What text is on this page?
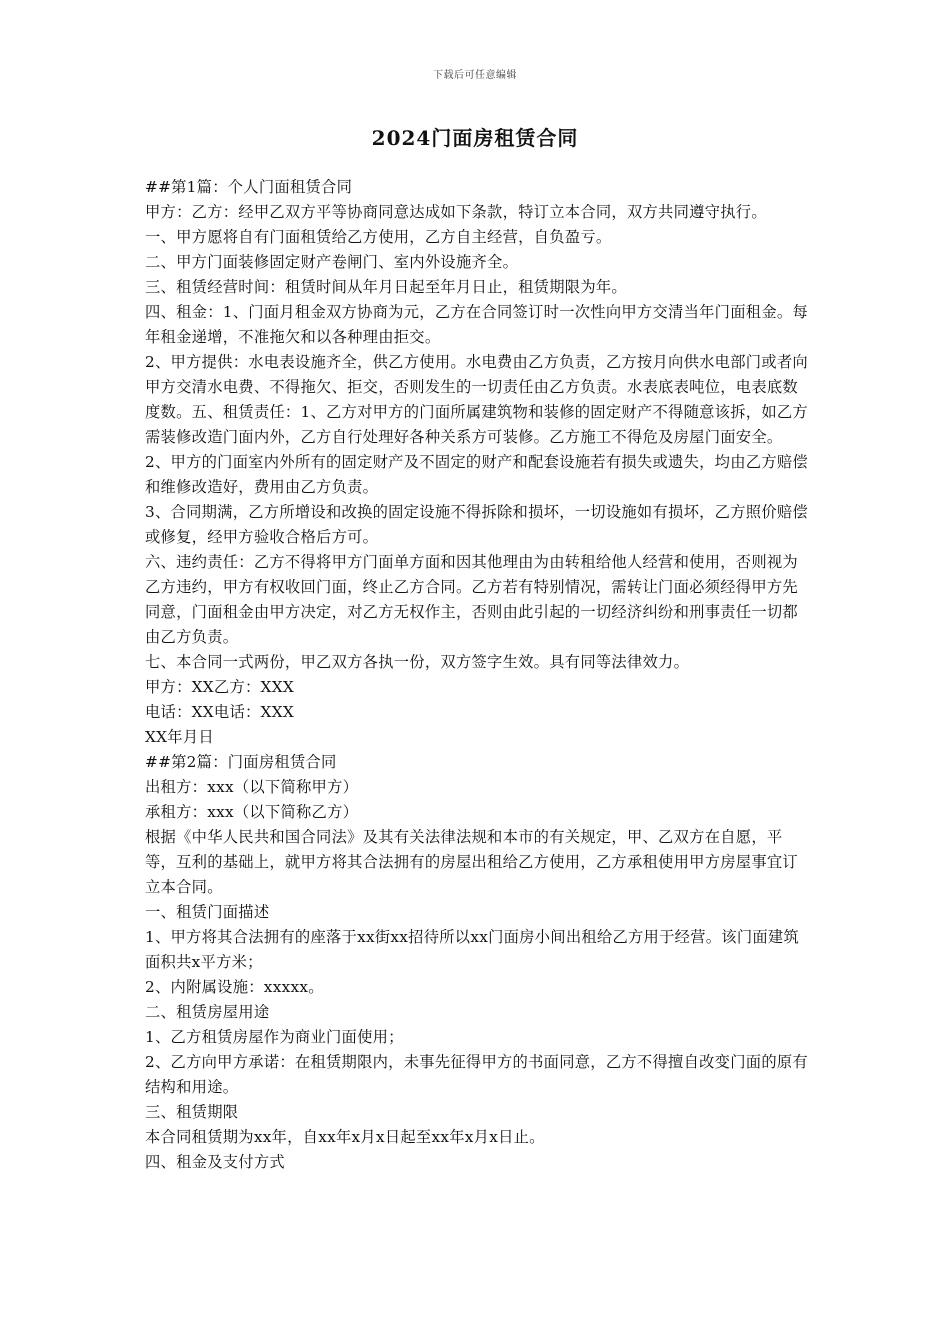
下载后可任意编辑
2024门面房租赁合同

##第1篇：个人门面租赁合同

甲方：乙方：经甲乙双方平等协商同意达成如下条款，特订立本合同，双方共同遵守执行。

一、甲方愿将自有门面租赁给乙方使用，乙方自主经营，自负盈亏。

二、甲方门面装修固定财产卷闸门、室内外设施齐全。

三、租赁经营时间：租赁时间从年月日起至年月日止，租赁期限为年。

四、租金：1、门面月租金双方协商为元，乙方在合同签订时一次性向甲方交清当年门面租金。每年租金递增，不准拖欠和以各种理由拒交。

2、甲方提供：水电表设施齐全，供乙方使用。水电费由乙方负责，乙方按月向供水电部门或者向甲方交清水电费、不得拖欠、拒交，否则发生的一切责任由乙方负责。水表底表吨位，电表底数度数。五、租赁责任：1、乙方对甲方的门面所属建筑物和装修的固定财产不得随意该拆，如乙方需装修改造门面内外，乙方自行处理好各种关系方可装修。乙方施工不得危及房屋门面安全。

2、甲方的门面室内外所有的固定财产及不固定的财产和配套设施若有损失或遗失，均由乙方赔偿和维修改造好，费用由乙方负责。

3、合同期满，乙方所增设和改换的固定设施不得拆除和损坏，一切设施如有损坏，乙方照价赔偿或修复，经甲方验收合格后方可。

六、违约责任：乙方不得将甲方门面单方面和因其他理由为由转租给他人经营和使用，否则视为乙方违约，甲方有权收回门面，终止乙方合同。乙方若有特别情况，需转让门面必须经得甲方先同意，门面租金由甲方决定，对乙方无权作主，否则由此引起的一切经济纠纷和刑事责任一切都由乙方负责。

七、本合同一式两份，甲乙双方各执一份，双方签字生效。具有同等法律效力。

甲方：XX乙方：XXX

电话：XX电话：XXX

XX年月日

##第2篇：门面房租赁合同

出租方：xxx（以下简称甲方）

承租方：xxx（以下简称乙方）

根据《中华人民共和国合同法》及其有关法律法规和本市的有关规定，甲、乙双方在自愿，平等，互利的基础上，就甲方将其合法拥有的房屋出租给乙方使用，乙方承租使用甲方房屋事宜订立本合同。

一、租赁门面描述

1、甲方将其合法拥有的座落于xx街xx招待所以xx门面房小间出租给乙方用于经营。该门面建筑面积共x平方米；

2、内附属设施：xxxxx。

二、租赁房屋用途

1、乙方租赁房屋作为商业门面使用；

2、乙方向甲方承诺：在租赁期限内，未事先征得甲方的书面同意，乙方不得擅自改变门面的原有结构和用途。

三、租赁期限

本合同租赁期为xx年，自xx年x月x日起至xx年x月x日止。

四、租金及支付方式
